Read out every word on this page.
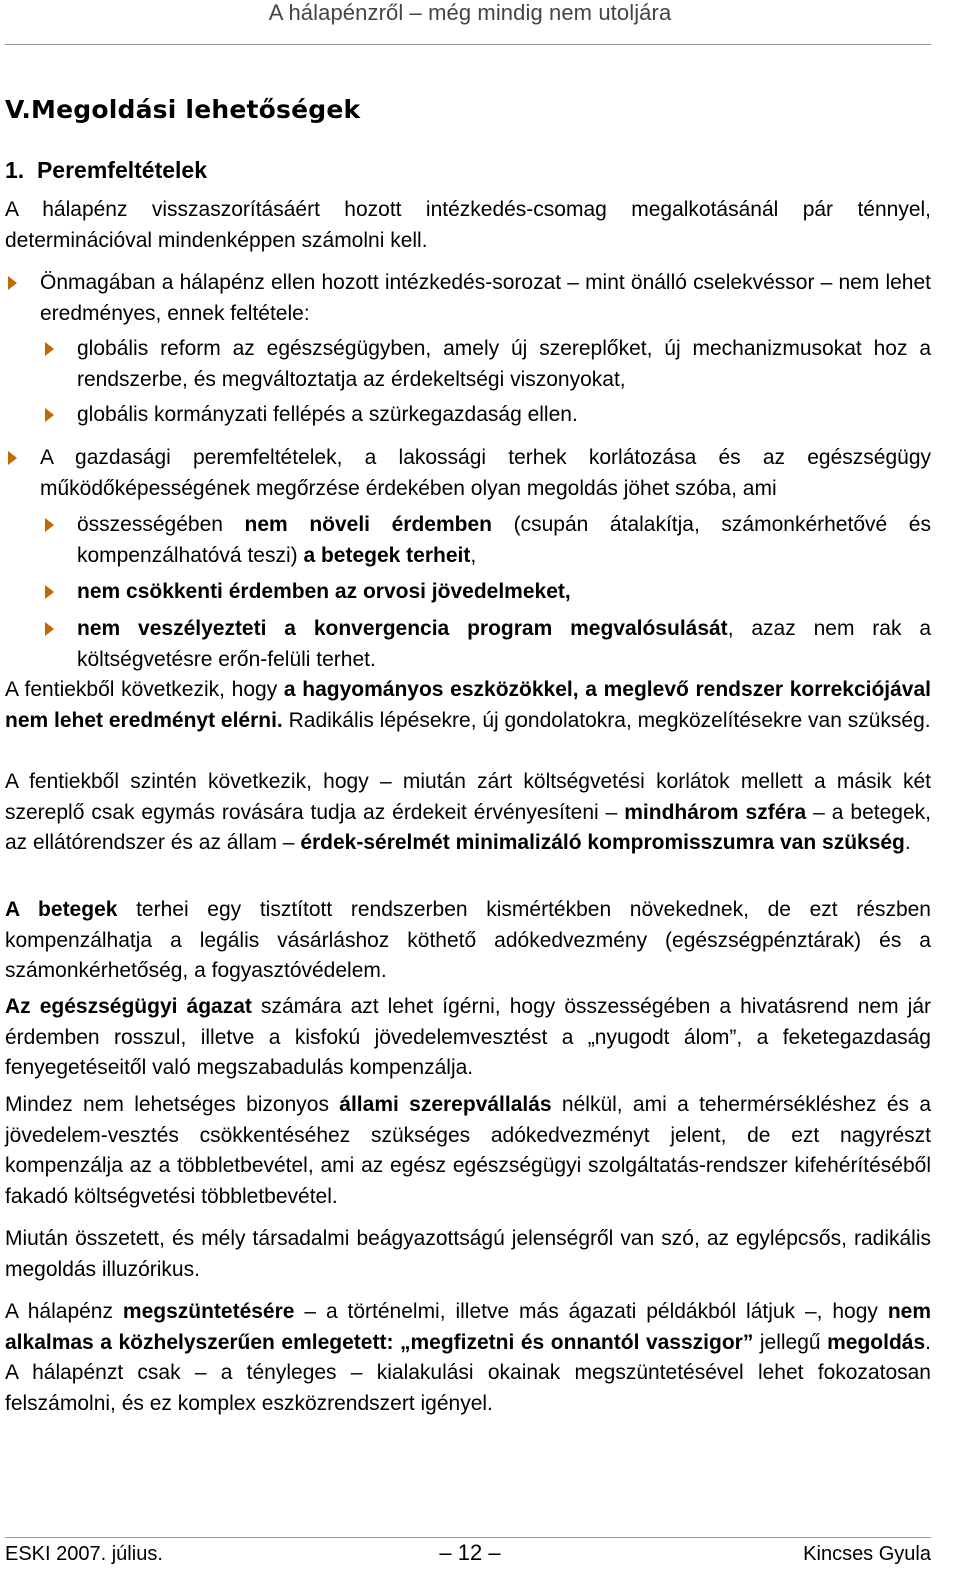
A hálapénzről – még mindig nem utoljára
V.Megoldási lehetőségek
1. Peremfeltételek

A hálapénz visszaszorításáért hozott intézkedés-csomag megalkotásánál pár ténnyel, determinációval mindenképpen számolni kell.

Önmagában a hálapénz ellen hozott intézkedés-sorozat – mint önálló cselekvéssor – nem lehet eredményes, ennek feltétele:

globális reform az egészségügyben, amely új szereplőket, új mechanizmusokat hoz a rendszerbe, és megváltoztatja az érdekeltségi viszonyokat,

globális kormányzati fellépés a szürkegazdaság ellen.

A gazdasági peremfeltételek, a lakossági terhek korlátozása és az egészségügy működőképességének megőrzése érdekében olyan megoldás jöhet szóba, ami

összességében nem növeli érdemben (csupán átalakítja, számonkérhetővé és kompenzálhatóvá teszi) a betegek terheit,

nem csökkenti érdemben az orvosi jövedelmeket,

nem veszélyezteti a konvergencia program megvalósulását, azaz nem rak a költségvetésre erőn-felüli terhet.

A fentiekből következik, hogy a hagyományos eszközökkel, a meglevő rendszer korrekciójával nem lehet eredményt elérni. Radikális lépésekre, új gondolatokra, megközelítésekre van szükség.

A fentiekből szintén következik, hogy – miután zárt költségvetési korlátok mellett a másik két szereplő csak egymás rovására tudja az érdekeit érvényesíteni – mindhárom szféra – a betegek, az ellátórendszer és az állam – érdek-sérelmét minimalizáló kompromisszumra van szükség.

A betegek terhei egy tisztított rendszerben kismértékben növekednek, de ezt részben kompenzálhatja a legális vásárláshoz köthető adókedvezmény (egészségpénztárak) és a számonkérhetőség, a fogyasztóvédelem.

Az egészségügyi ágazat számára azt lehet ígérni, hogy összességében a hivatásrend nem jár érdemben rosszul, illetve a kisfokú jövedelemvesztést a „nyugodt álom”, a feketegazdaság fenyegetéseitől való megszabadulás kompenzálja.

Mindez nem lehetséges bizonyos állami szerepvállalás nélkül, ami a tehermérsékléshez és a jövedelem-vesztés csökkentéséhez szükséges adókedvezményt jelent, de ezt nagyrészt kompenzálja az a többletbevétel, ami az egész egészségügyi szolgáltatás-rendszer kifehérítéséből fakadó költségvetési többletbevétel.

Miután összetett, és mély társadalmi beágyazottságú jelenségről van szó, az egylépcsős, radikális megoldás illuzórikus.

A hálapénz megszüntetésére – a történelmi, illetve más ágazati példákból látjuk –, hogy nem alkalmas a közhelyszerűen emlegetett: „megfizetni és onnantól vasszigor” jellegű megoldás. A hálapénzt csak – a tényleges – kialakulási okainak megszüntetésével lehet fokozatosan felszámolni, és ez komplex eszközrendszert igényel.

ESKI 2007. július.	– 12 –	Kincses Gyula
